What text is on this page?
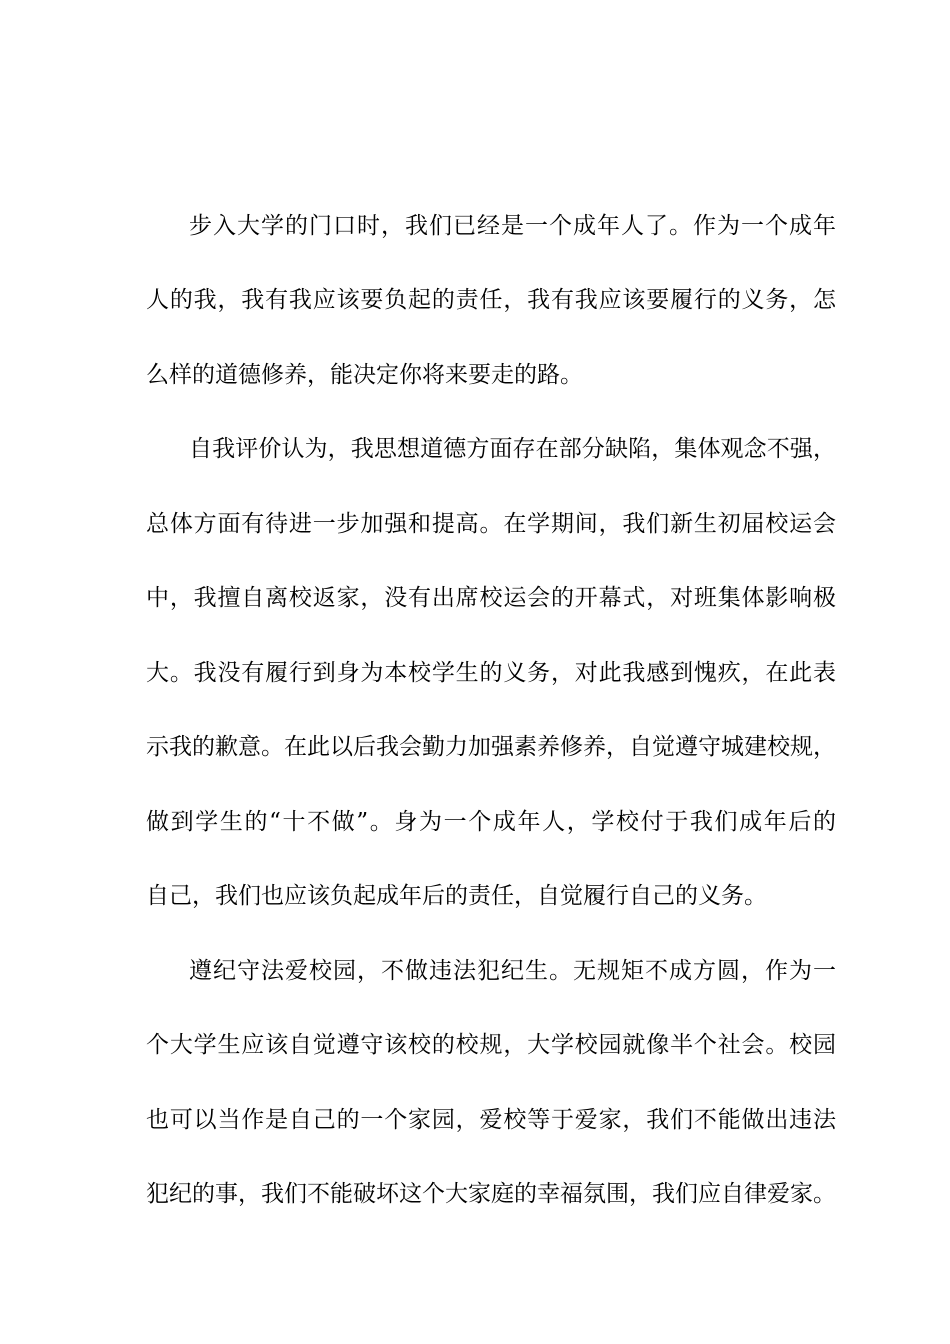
步入大学的门口时，我们已经是一个成年人了。作为一个成年
人的我，我有我应该要负起的责任，我有我应该要履行的义务，怎
么样的道德修养，能决定你将来要走的路。
自我评价认为，我思想道德方面存在部分缺陷，集体观念不强，
总体方面有待进一步加强和提高。在学期间，我们新生初届校运会
中，我擅自离校返家，没有出席校运会的开幕式，对班集体影响极
大。我没有履行到身为本校学生的义务，对此我感到愧疚，在此表
示我的歉意。在此以后我会勤力加强素养修养，自觉遵守城建校规，
做到学生的“十不做”。身为一个成年人，学校付于我们成年后的
自己，我们也应该负起成年后的责任，自觉履行自己的义务。
遵纪守法爱校园，不做违法犯纪生。无规矩不成方圆，作为一
个大学生应该自觉遵守该校的校规，大学校园就像半个社会。校园
也可以当作是自己的一个家园，爱校等于爱家，我们不能做出违法
犯纪的事，我们不能破坏这个大家庭的幸福氛围，我们应自律爱家。
